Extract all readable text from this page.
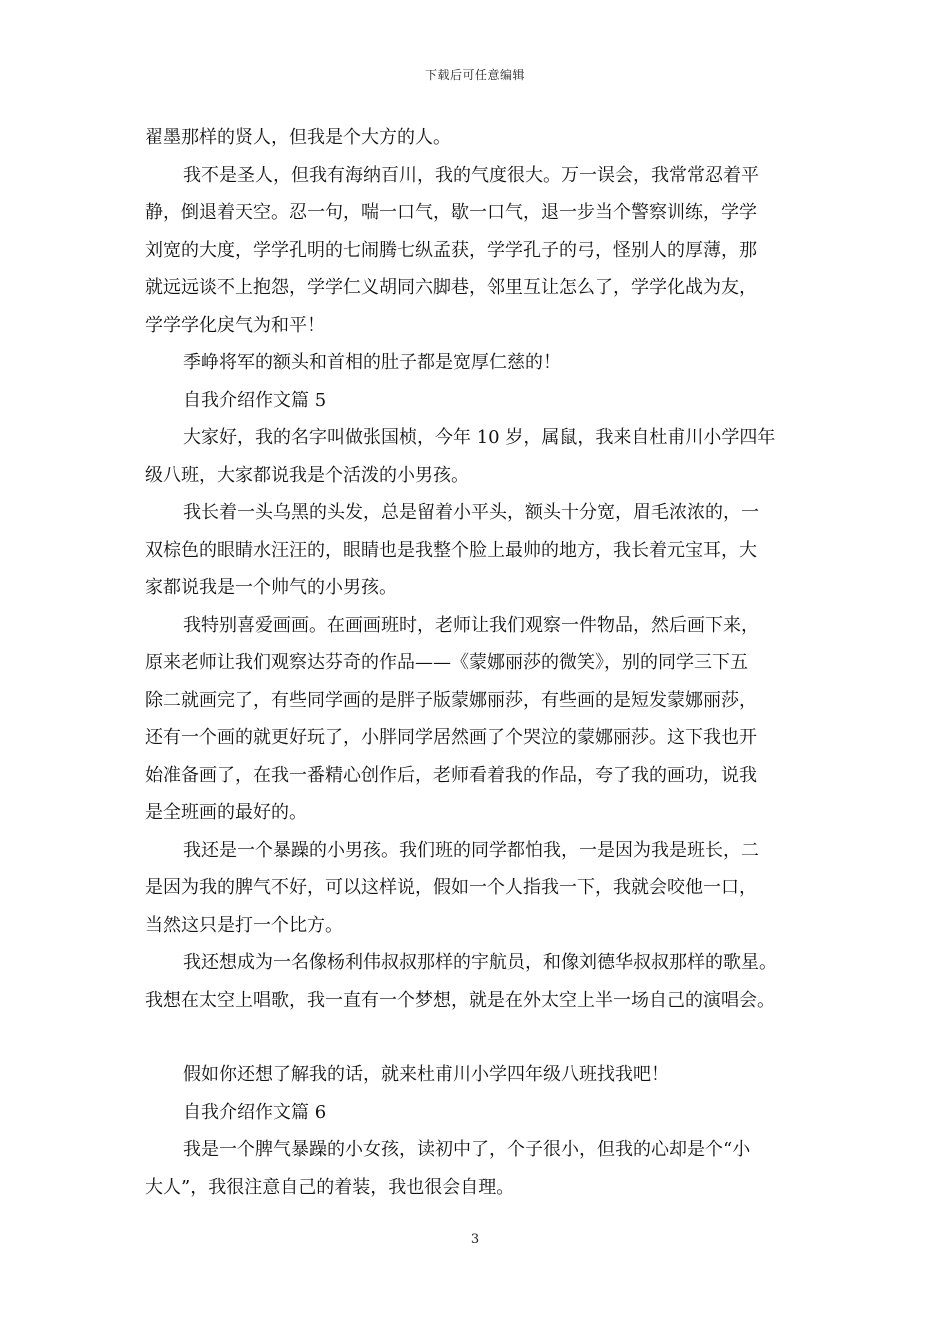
下载后可任意编辑
翟墨那样的贤人，但我是个大方的人。
我不是圣人，但我有海纳百川，我的气度很大。万一误会，我常常忍着平
静，倒退着天空。忍一句，喘一口气，歇一口气，退一步当个警察训练，学学
刘宽的大度，学学孔明的七闹腾七纵孟获，学学孔子的弓，怪别人的厚薄，那
就远远谈不上抱怨，学学仁义胡同六脚巷，邻里互让怎么了，学学化战为友，
学学学化戾气为和平！
季峥将军的额头和首相的肚子都是宽厚仁慈的！
自我介绍作文篇 5
大家好，我的名字叫做张国桢，今年 10 岁，属鼠，我来自杜甫川小学四年
级八班，大家都说我是个活泼的小男孩。
我长着一头乌黑的头发，总是留着小平头，额头十分宽，眉毛浓浓的，一
双棕色的眼睛水汪汪的，眼睛也是我整个脸上最帅的地方，我长着元宝耳，大
家都说我是一个帅气的小男孩。
我特别喜爱画画。在画画班时，老师让我们观察一件物品，然后画下来，
原来老师让我们观察达芬奇的作品——《蒙娜丽莎的微笑》，别的同学三下五
除二就画完了，有些同学画的是胖子版蒙娜丽莎，有些画的是短发蒙娜丽莎，
还有一个画的就更好玩了，小胖同学居然画了个哭泣的蒙娜丽莎。这下我也开
始准备画了，在我一番精心创作后，老师看着我的作品，夸了我的画功，说我
是全班画的最好的。
我还是一个暴躁的小男孩。我们班的同学都怕我，一是因为我是班长，二
是因为我的脾气不好，可以这样说，假如一个人指我一下，我就会咬他一口，
当然这只是打一个比方。
我还想成为一名像杨利伟叔叔那样的宇航员，和像刘德华叔叔那样的歌星。
我想在太空上唱歌，我一直有一个梦想，就是在外太空上半一场自己的演唱会。
假如你还想了解我的话，就来杜甫川小学四年级八班找我吧！
自我介绍作文篇 6
我是一个脾气暴躁的小女孩，读初中了，个子很小，但我的心却是个“小
大人”，我很注意自己的着装，我也很会自理。
3
